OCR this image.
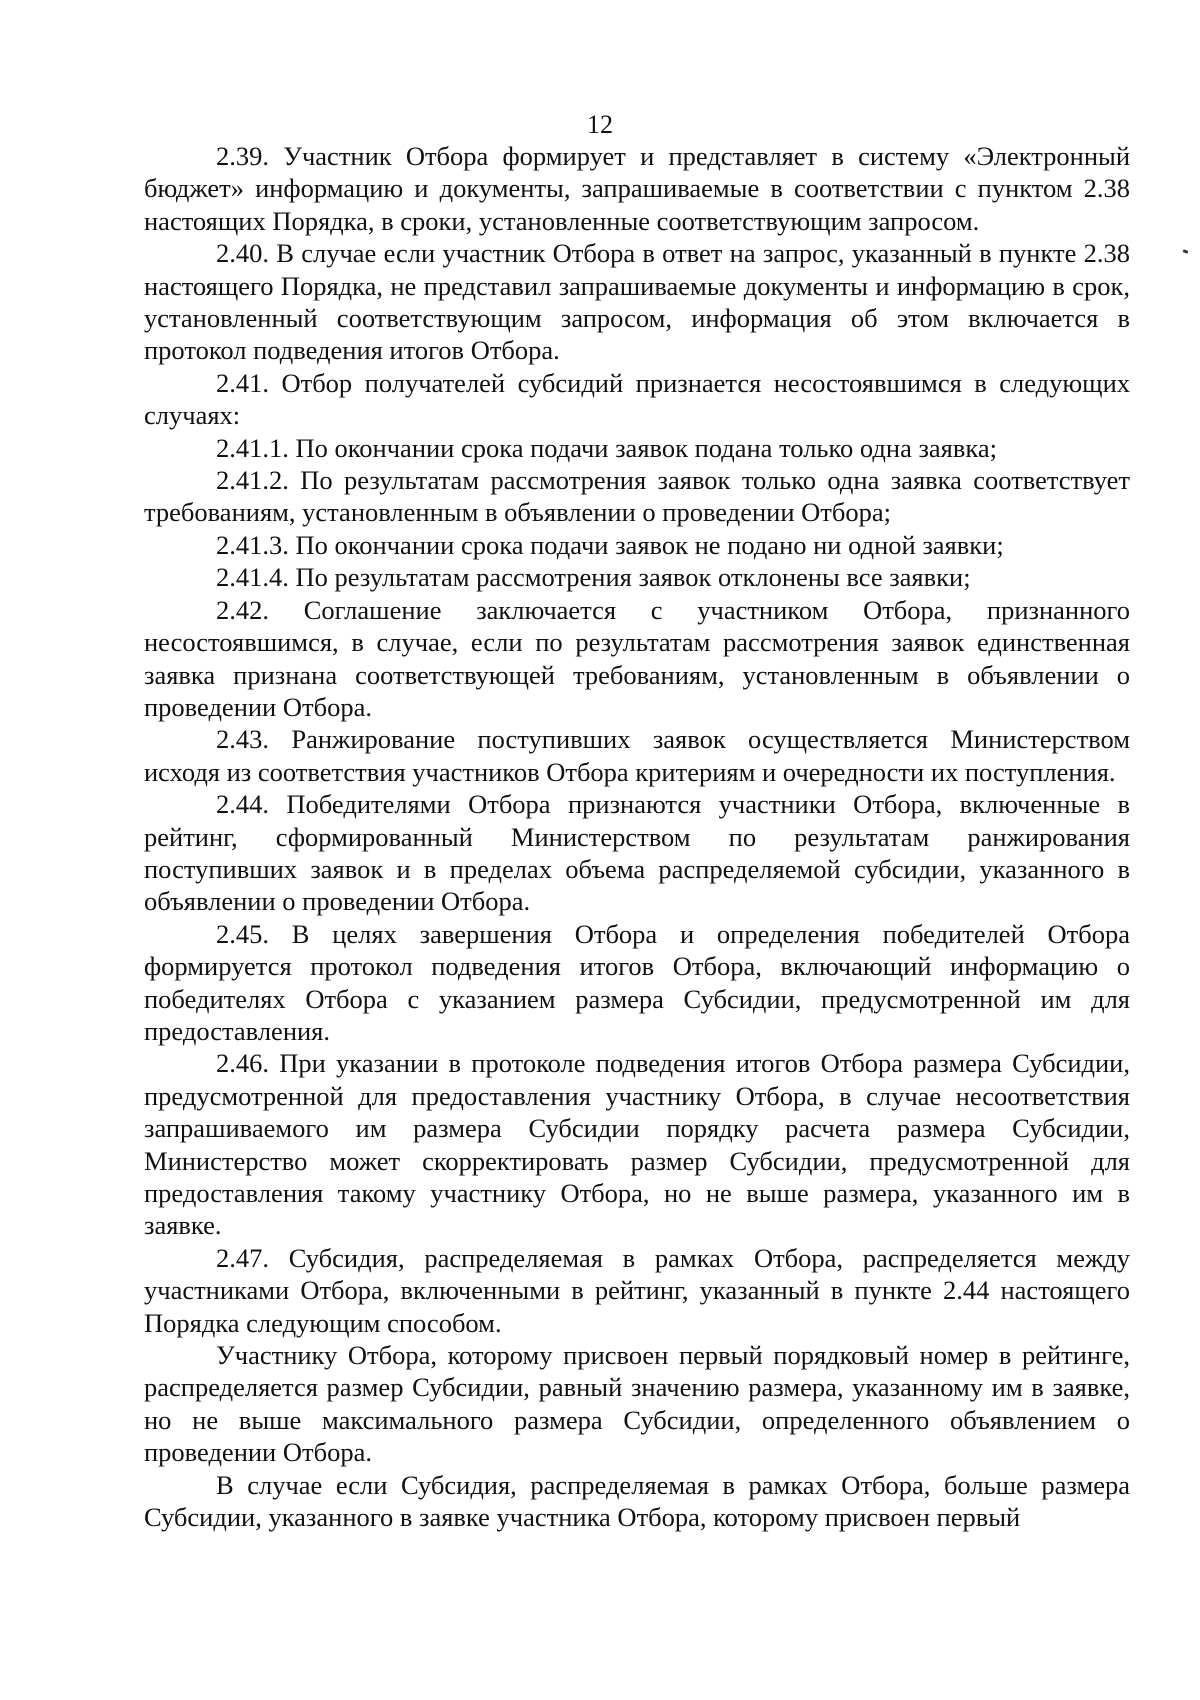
12

2.39. Участник Отбора формирует и представляет в систему «Электронный бюджет» информацию и документы, запрашиваемые в соответствии с пунктом 2.38 настоящих Порядка, в сроки, установленные соответствующим запросом.

2.40. В случае если участник Отбора в ответ на запрос, указанный в пункте 2.38 настоящего Порядка, не представил запрашиваемые документы и информацию в срок, установленный соответствующим запросом, информация об этом включается в протокол подведения итогов Отбора.

2.41. Отбор получателей субсидий признается несостоявшимся в следующих случаях:

2.41.1. По окончании срока подачи заявок подана только одна заявка;

2.41.2. По результатам рассмотрения заявок только одна заявка соответствует требованиям, установленным в объявлении о проведении Отбора;

2.41.3. По окончании срока подачи заявок не подано ни одной заявки;

2.41.4. По результатам рассмотрения заявок отклонены все заявки;

2.42. Соглашение заключается с участником Отбора, признанного несостоявшимся, в случае, если по результатам рассмотрения заявок единственная заявка признана соответствующей требованиям, установленным в объявлении о проведении Отбора.

2.43. Ранжирование поступивших заявок осуществляется Министерством исходя из соответствия участников Отбора критериям и очередности их поступления.

2.44. Победителями Отбора признаются участники Отбора, включенные в рейтинг, сформированный Министерством по результатам ранжирования поступивших заявок и в пределах объема распределяемой субсидии, указанного в объявлении о проведении Отбора.

2.45. В целях завершения Отбора и определения победителей Отбора формируется протокол подведения итогов Отбора, включающий информацию о победителях Отбора с указанием размера Субсидии, предусмотренной им для предоставления.

2.46. При указании в протоколе подведения итогов Отбора размера Субсидии, предусмотренной для предоставления участнику Отбора, в случае несоответствия запрашиваемого им размера Субсидии порядку расчета размера Субсидии, Министерство может скорректировать размер Субсидии, предусмотренной для предоставления такому участнику Отбора, но не выше размера, указанного им в заявке.

2.47. Субсидия, распределяемая в рамках Отбора, распределяется между участниками Отбора, включенными в рейтинг, указанный в пункте 2.44 настоящего Порядка следующим способом.

Участнику Отбора, которому присвоен первый порядковый номер в рейтинге, распределяется размер Субсидии, равный значению размера, указанному им в заявке, но не выше максимального размера Субсидии, определенного объявлением о проведении Отбора.

В случае если Субсидия, распределяемая в рамках Отбора, больше размера Субсидии, указанного в заявке участника Отбора, которому присвоен первый
